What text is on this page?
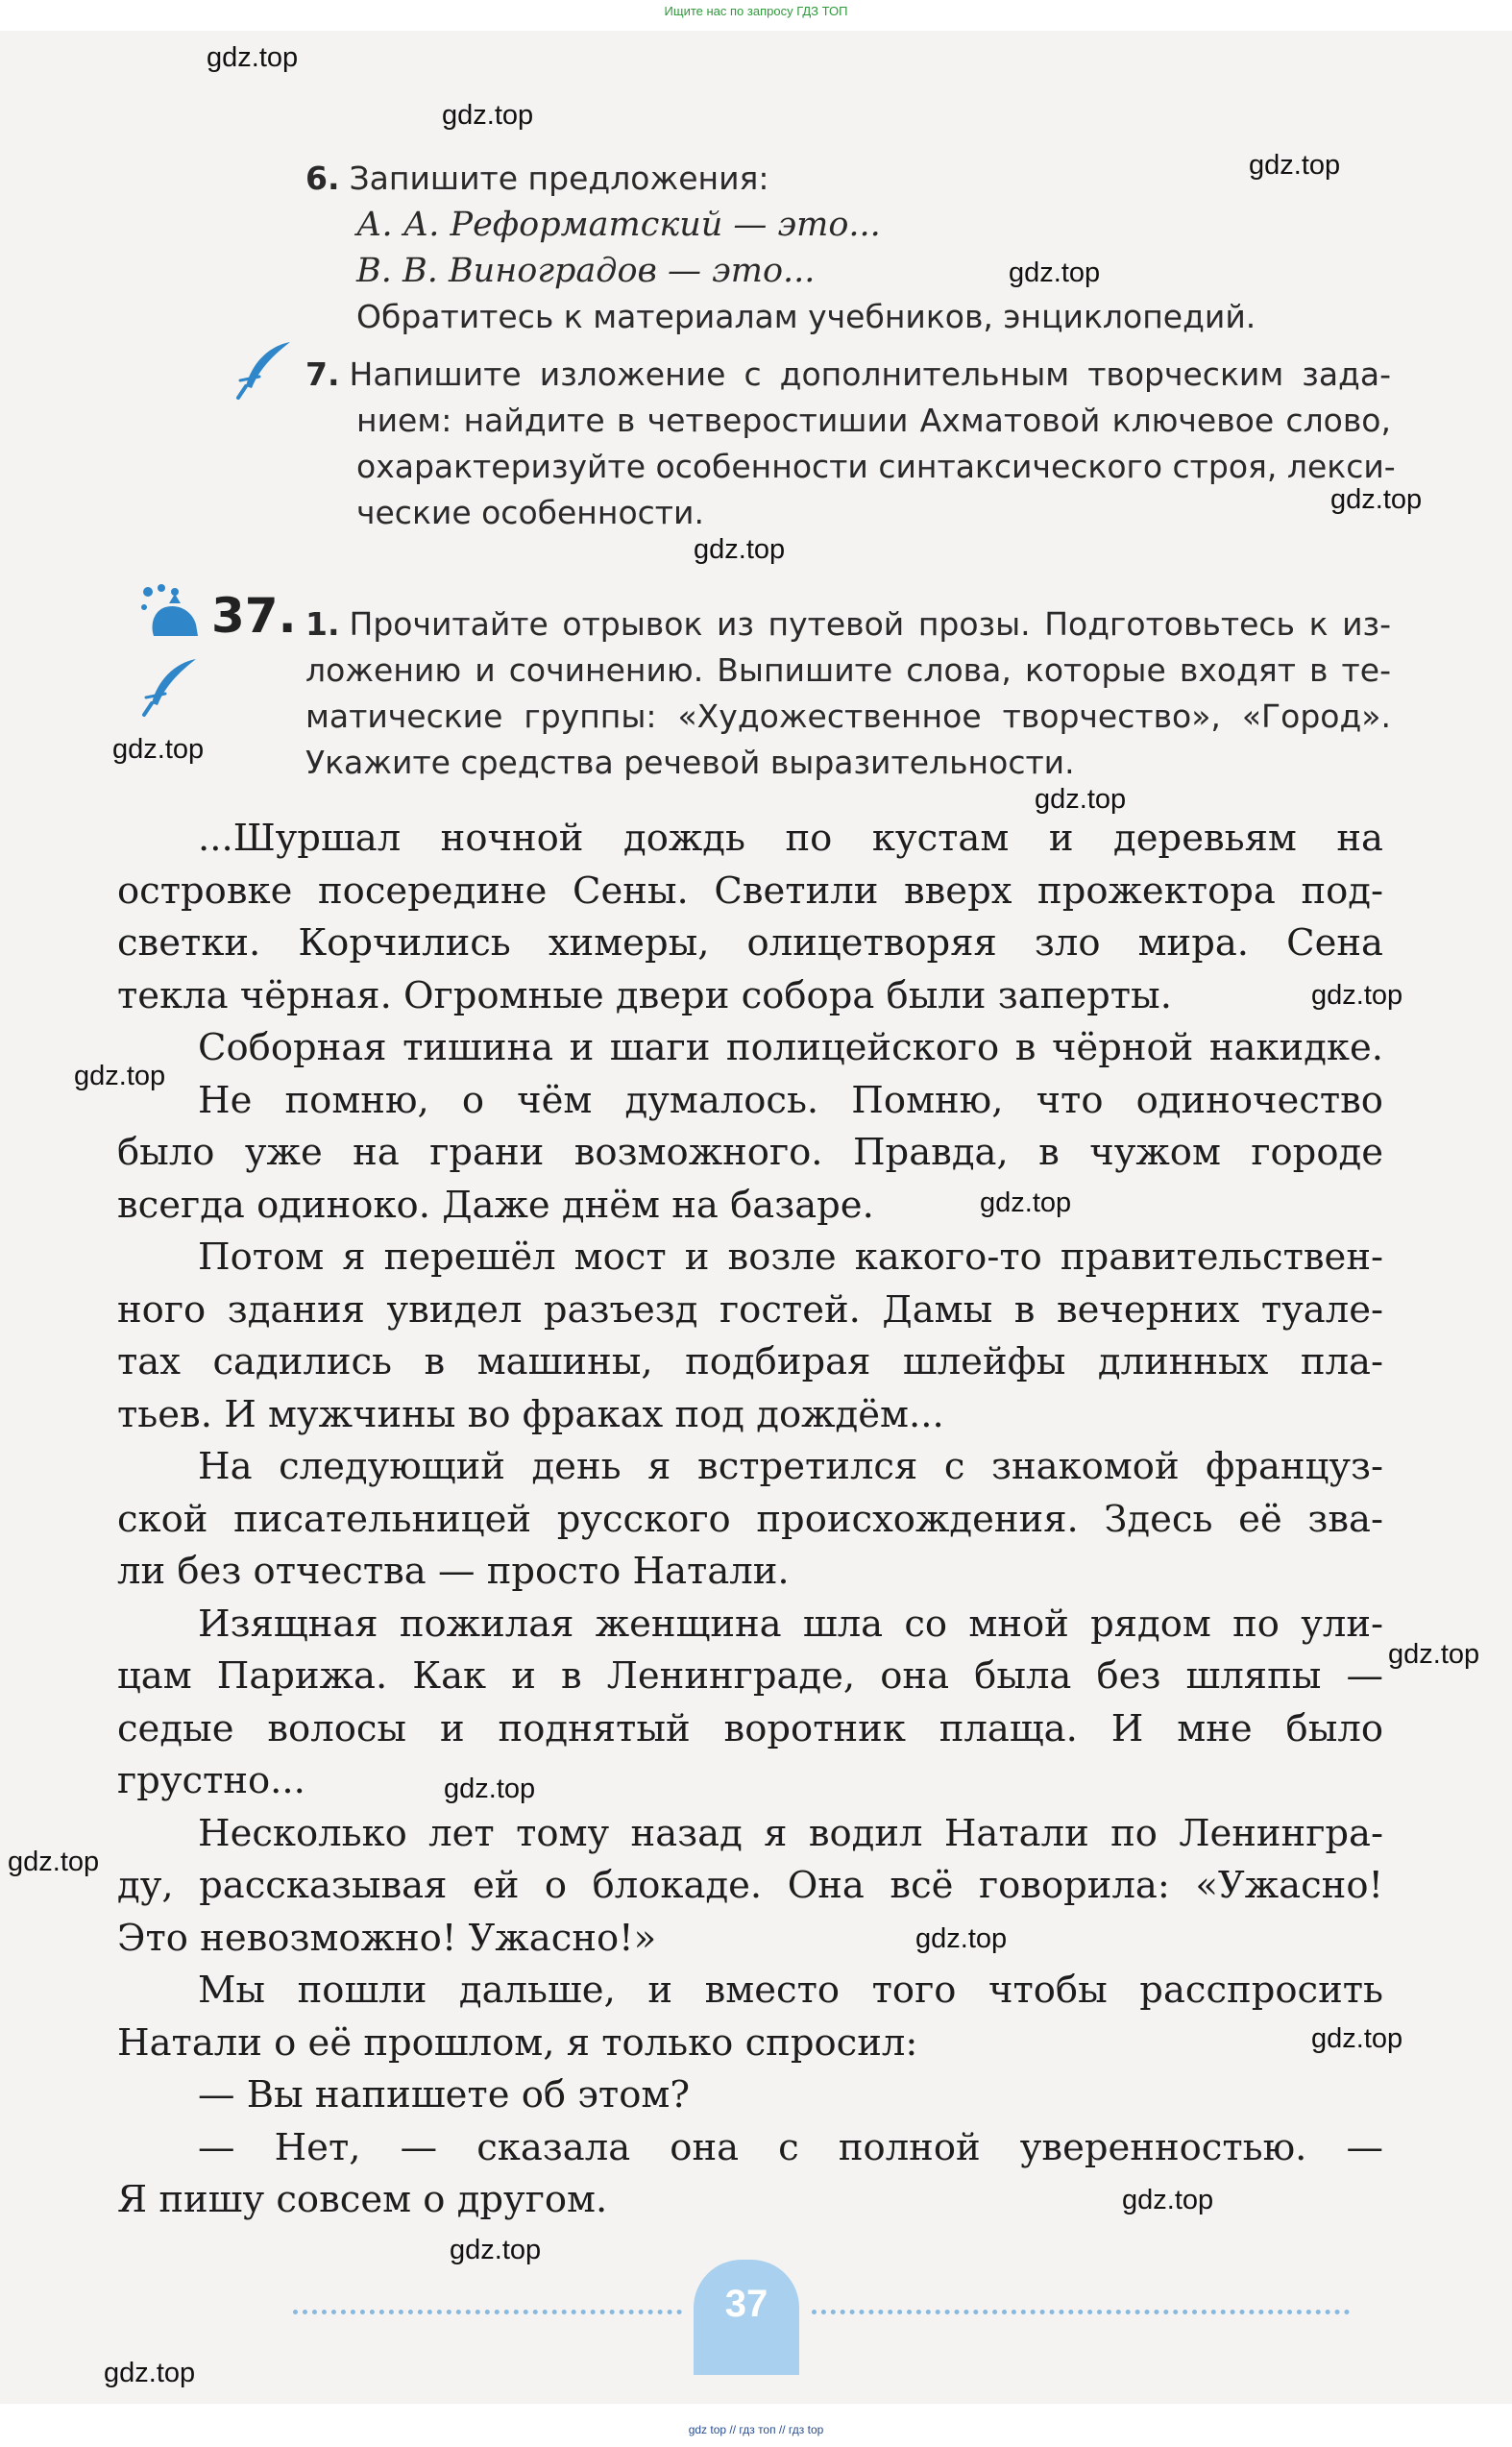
Ищите нас по запросу ГДЗ ТОП
6. Запишите предложения:
А. А. Реформатский — это...
В. В. Виноградов — это...
Обратитесь к материалам учебников, энциклопедий.
7. Напишите изложение с дополнительным творческим зада-
нием: найдите в четверостишии Ахматовой ключевое слово,
охарактеризуйте особенности синтаксического строя, лекси-
ческие особенности.
37. 1. Прочитайте отрывок из путевой прозы. Подготовьтесь к из-
ложению и сочинению. Выпишите слова, которые входят в те-
матические группы: «Художественное творчество», «Город».
Укажите средства речевой выразительности.
...Шуршал ночной дождь по кустам и деревьям на
островке посередине Сены. Светили вверх прожектора под-
светки. Корчились химеры, олицетворяя зло мира. Сена
текла чёрная. Огромные двери собора были заперты.
Соборная тишина и шаги полицейского в чёрной накидке.
Не помню, о чём думалось. Помню, что одиночество
было уже на грани возможного. Правда, в чужом городе
всегда одиноко. Даже днём на базаре.
Потом я перешёл мост и возле какого-то правительствен-
ного здания увидел разъезд гостей. Дамы в вечерних туале-
тах садились в машины, подбирая шлейфы длинных пла-
тьев. И мужчины во фраках под дождём...
На следующий день я встретился с знакомой француз-
ской писательницей русского происхождения. Здесь её зва-
ли без отчества — просто Натали.
Изящная пожилая женщина шла со мной рядом по ули-
цам Парижа. Как и в Ленинграде, она была без шляпы —
седые волосы и поднятый воротник плаща. И мне было
грустно...
Несколько лет тому назад я водил Натали по Ленингра-
ду, рассказывая ей о блокаде. Она всё говорила: «Ужасно!
Это невозможно! Ужасно!»
Мы пошли дальше, и вместо того чтобы расспросить
Натали о её прошлом, я только спросил:
— Вы напишете об этом?
— Нет, — сказала она с полной уверенностью. —
Я пишу совсем о другом.
37
gdz.top
gdz.top
gdz.top
gdz.top
gdz.top
gdz.top
gdz.top
gdz.top
gdz.top
gdz.top
gdz.top
gdz.top
gdz.top
gdz.top
gdz.top
gdz.top
gdz.top
gdz.top
gdz.top
gdz top // гдз топ // гдз top
